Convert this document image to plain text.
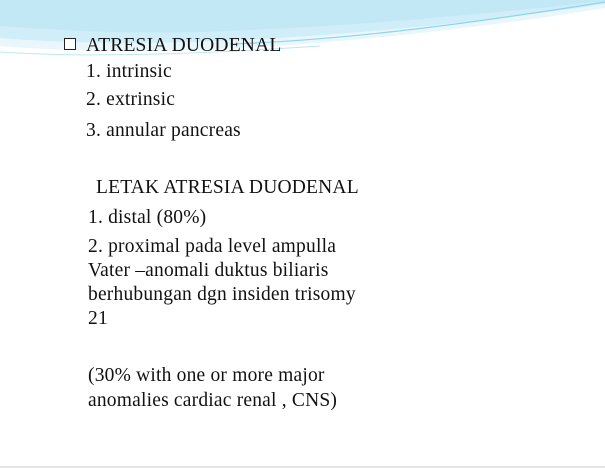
ATRESIA DUODENAL
1. intrinsic
2. extrinsic
3. annular pancreas
LETAK ATRESIA DUODENAL
1. distal (80%)
2. proximal pada level ampulla
Vater –anomali duktus biliaris
berhubungan dgn insiden trisomy
21
(30% with one or more major
anomalies cardiac renal , CNS)
